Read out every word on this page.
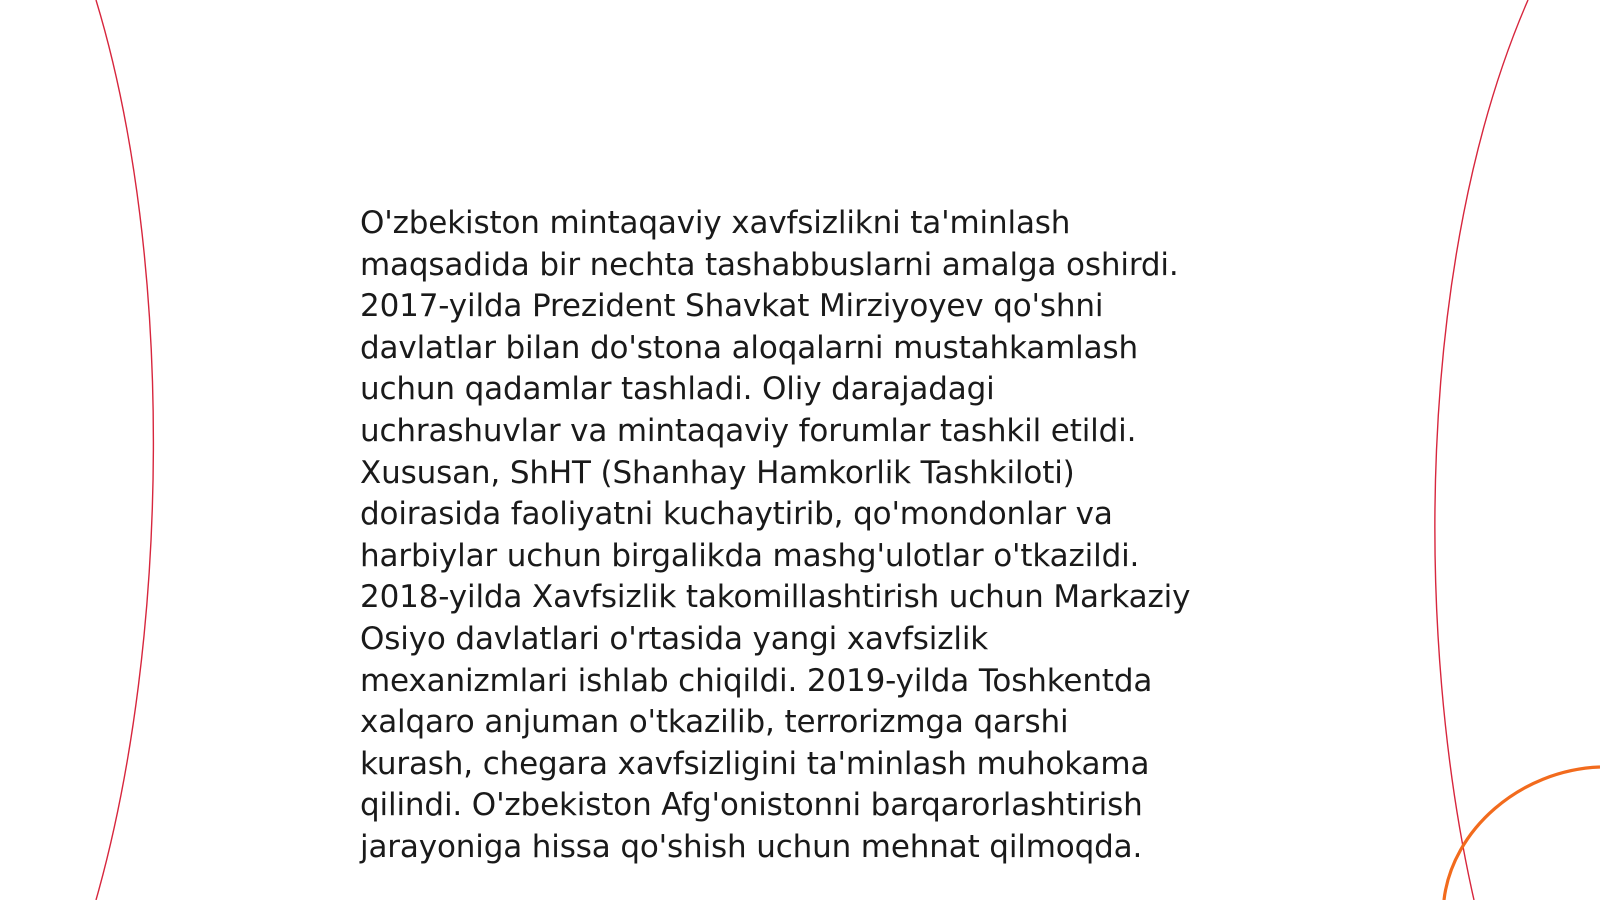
O'zbekiston mintaqaviy xavfsizlikni ta'minlash
maqsadida bir nechta tashabbuslarni amalga oshirdi.
2017-yilda Prezident Shavkat Mirziyoyev qo'shni
davlatlar bilan do'stona aloqalarni mustahkamlash
uchun qadamlar tashladi. Oliy darajadagi
uchrashuvlar va mintaqaviy forumlar tashkil etildi.
Xususan, ShHT (Shanhay Hamkorlik Tashkiloti)
doirasida faoliyatni kuchaytirib, qo'mondonlar va
harbiylar uchun birgalikda mashg'ulotlar o'tkazildi.
2018-yilda Xavfsizlik takomillashtirish uchun Markaziy
Osiyo davlatlari o'rtasida yangi xavfsizlik
mexanizmlari ishlab chiqildi. 2019-yilda Toshkentda
xalqaro anjuman o'tkazilib, terrorizmga qarshi
kurash, chegara xavfsizligini ta'minlash muhokama
qilindi. O'zbekiston Afg'onistonni barqarorlashtirish
jarayoniga hissa qo'shish uchun mehnat qilmoqda.
